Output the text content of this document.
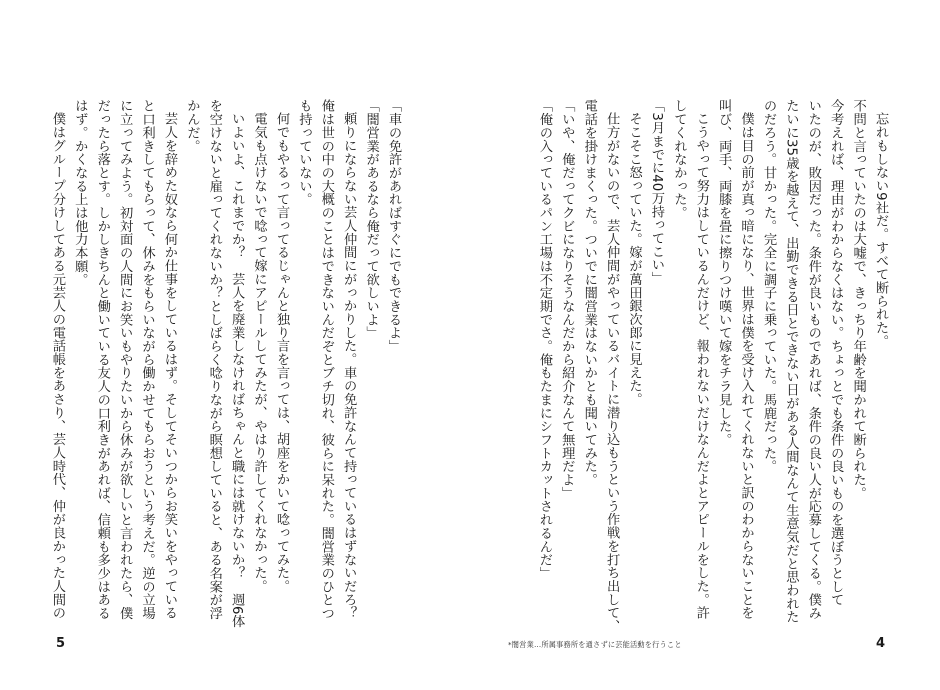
「車の免許があればすぐにでもできるよ」
「闇営業があるなら俺だって欲しいよ」
頼りにならない芸人仲間にがっかりした。車の免許なんて持っているはずないだろ？
俺は世の中の大概のことはできないんだぞとブチ切れ、彼らに呆れた。闇営業のひとつ
も持っていない。
何でもやるって言ってるじゃんと独り言を言っては、胡座をかいて唸ってみた。
電気も点けないで唸って嫁にアピールしてみたが、やはり許してくれなかった。
いよいよ、これまでか？　芸人を廃業しなければちゃんと職には就けないか？　週6体
を空けないと雇ってくれないか？としばらく唸りながら瞑想していると、ある名案が浮
かんだ。
芸人を辞めた奴なら何か仕事をしているはず。そしてそいつからお笑いをやっている
と口利きしてもらって、休みをもらいながら働かせてもらおうという考えだ。逆の立場
に立ってみよう。初対面の人間にお笑いもやりたいから休みが欲しいと言われたら、僕
だったら落とす。しかしきちんと働いている友人の口利きがあれば、信頼も多少はある
はず。かくなる上は他力本願。
僕はグループ分けしてある元芸人の電話帳をあさり、芸人時代、仲が良かった人間の
5
忘れもしない9社だ。すべて断られた。
不問と言っていたのは大嘘で、きっちり年齢を聞かれて断られた。
今考えれば、理由がわからなくはない。ちょっとでも条件の良いものを選ぼうとして
いたのが、敗因だった。条件が良いものであれば、条件の良い人が応募してくる。僕み
たいに35歳を越えて、出勤できる日とできない日がある人間なんて生意気だと思われた
のだろう。甘かった。完全に調子に乗っていた。馬鹿だった。
僕は目の前が真っ暗になり、世界は僕を受け入れてくれないと訳のわからないことを
叫び、両手、両膝を畳に擦りつけ嘆いて嫁をチラ見した。
こうやって努力はしているんだけど、報われないだけなんだよとアピールをした。許
してくれなかった。
「3月までに40万持ってこい」
そこそこ怒っていた。嫁が萬田銀次郎に見えた。
仕方がないので、芸人仲間がやっているバイトに潜り込もうという作戦を打ち出して、
電話を掛けまくった。ついでに闇営業はないかとも聞いてみた。
「いや、俺だってクビになりそうなんだから紹介なんて無理だよ」
「俺の入っているパン工場は不定期でさ。俺もたまにシフトカットされるんだ」
*闇営業…所属事務所を通さずに芸能活動を行うこと	4
